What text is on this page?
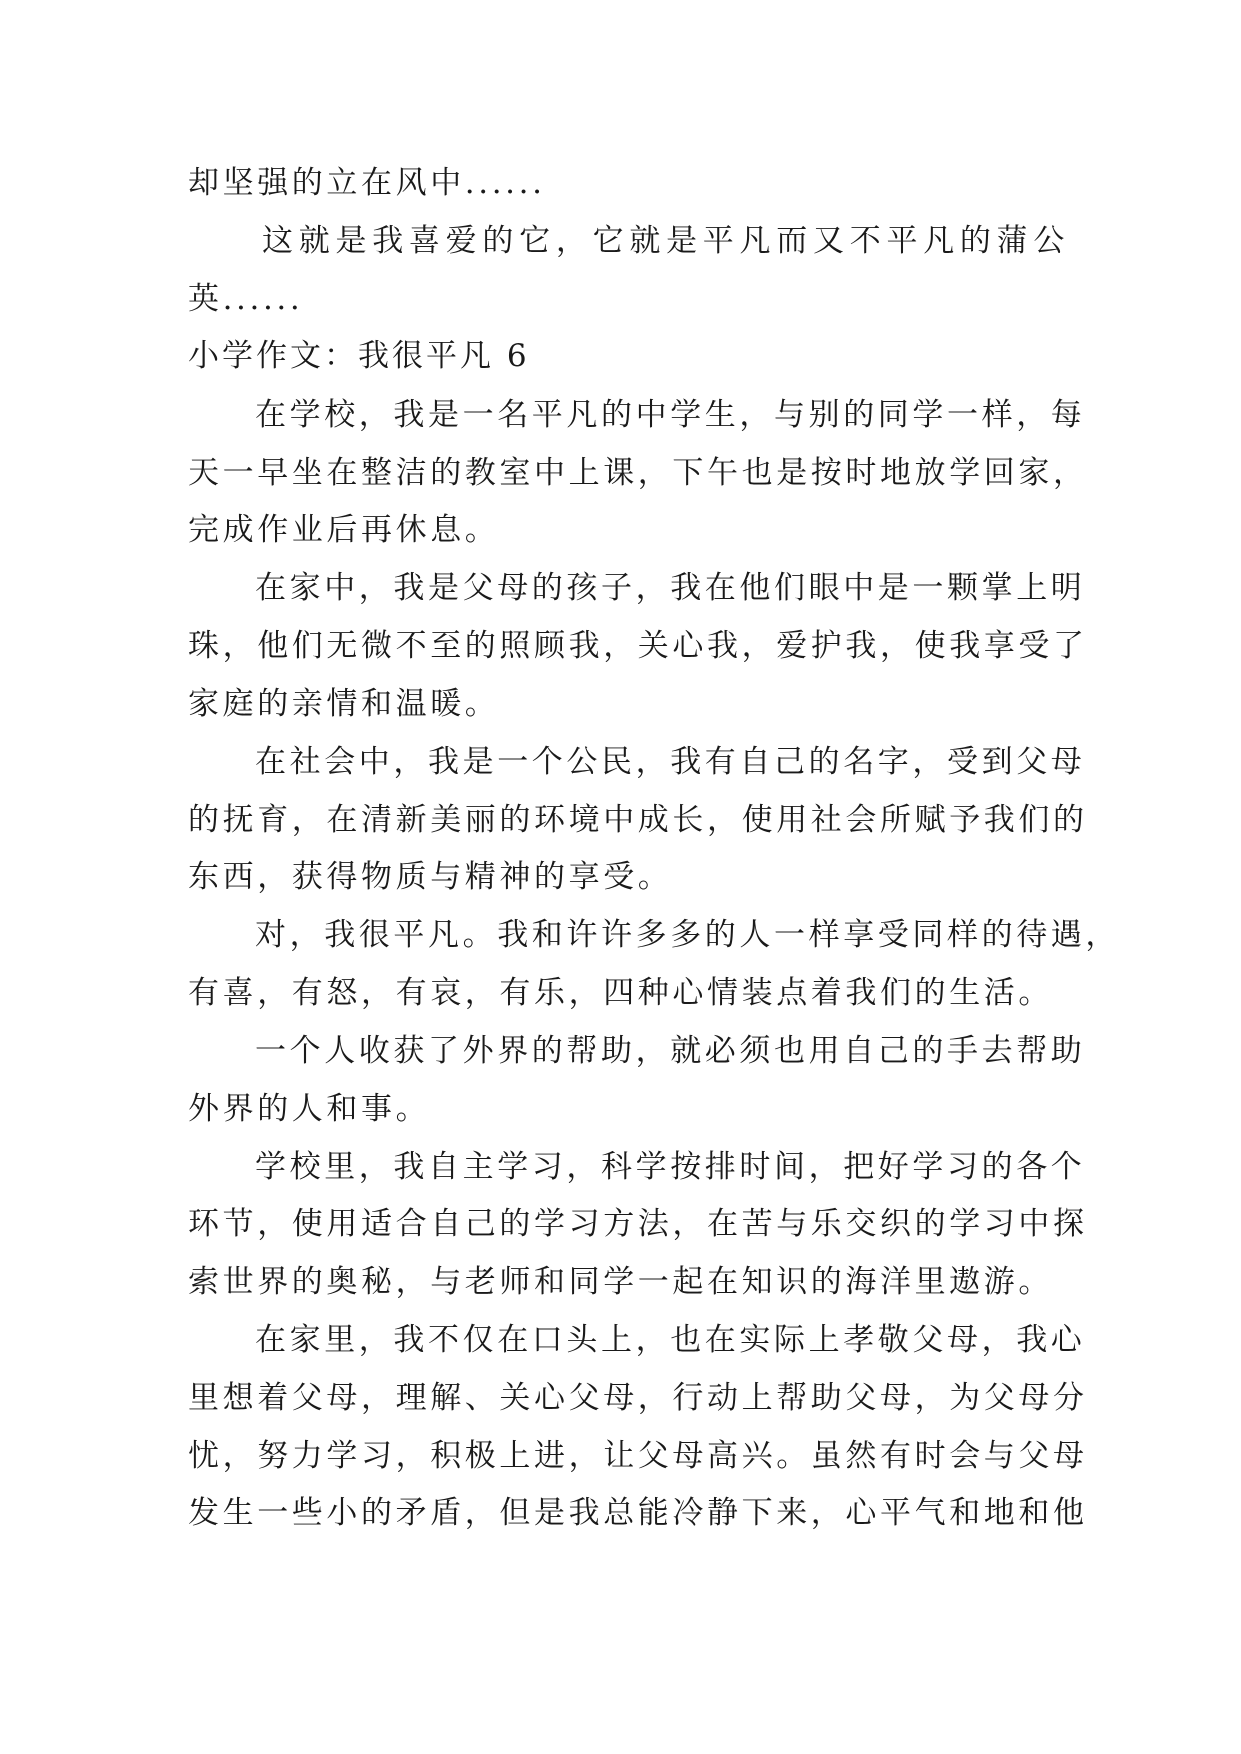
却坚强的立在风中......
这就是我喜爱的它，它就是平凡而又不平凡的蒲公
英......
小学作文：我很平凡 6
在学校，我是一名平凡的中学生，与别的同学一样，每
天一早坐在整洁的教室中上课，下午也是按时地放学回家，
完成作业后再休息。
在家中，我是父母的孩子，我在他们眼中是一颗掌上明
珠，他们无微不至的照顾我，关心我，爱护我，使我享受了
家庭的亲情和温暖。
在社会中，我是一个公民，我有自己的名字，受到父母
的抚育，在清新美丽的环境中成长，使用社会所赋予我们的
东西，获得物质与精神的享受。
对，我很平凡。我和许许多多的人一样享受同样的待遇，
有喜，有怒，有哀，有乐，四种心情装点着我们的生活。
一个人收获了外界的帮助，就必须也用自己的手去帮助
外界的人和事。
学校里，我自主学习，科学按排时间，把好学习的各个
环节，使用适合自己的学习方法，在苦与乐交织的学习中探
索世界的奥秘，与老师和同学一起在知识的海洋里遨游。
在家里，我不仅在口头上，也在实际上孝敬父母，我心
里想着父母，理解、关心父母，行动上帮助父母，为父母分
忧，努力学习，积极上进，让父母高兴。虽然有时会与父母
发生一些小的矛盾，但是我总能冷静下来，心平气和地和他
